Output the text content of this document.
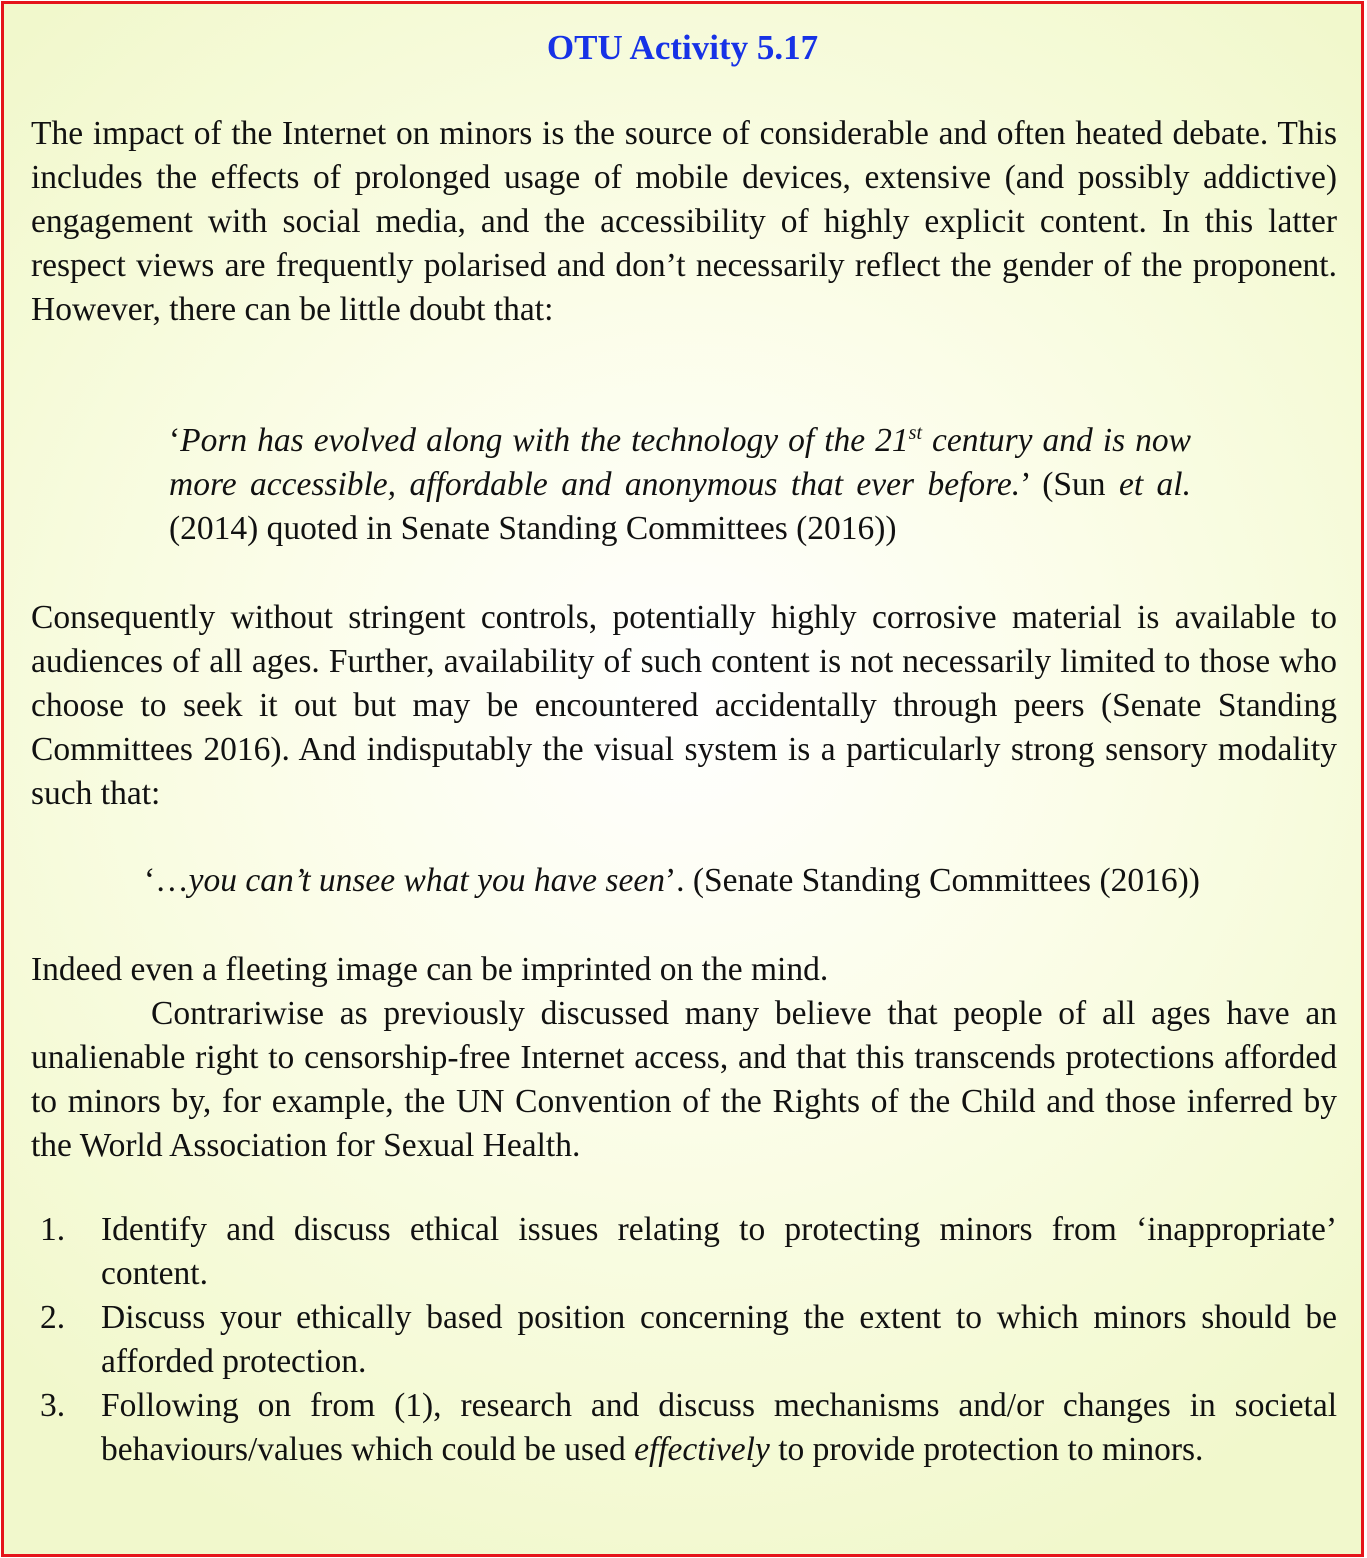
OTU Activity 5.17

The impact of the Internet on minors is the source of considerable and often heated debate. This includes the effects of prolonged usage of mobile devices, extensive (and possibly addictive) engagement with social media, and the accessibility of highly explicit content. In this latter respect views are frequently polarised and don’t necessarily reflect the gender of the proponent. However, there can be little doubt that:

‘Porn has evolved along with the technology of the 21st century and is now more accessible, affordable and anonymous that ever before.’ (Sun et al. (2014) quoted in Senate Standing Committees (2016))

Consequently without stringent controls, potentially highly corrosive material is available to audiences of all ages. Further, availability of such content is not necessarily limited to those who choose to seek it out but may be encountered accidentally through peers (Senate Standing Committees 2016). And indisputably the visual system is a particularly strong sensory modality such that:

‘…you can’t unsee what you have seen’. (Senate Standing Committees (2016))

Indeed even a fleeting image can be imprinted on the mind.

Contrariwise as previously discussed many believe that people of all ages have an unalienable right to censorship-free Internet access, and that this transcends protections afforded to minors by, for example, the UN Convention of the Rights of the Child and those inferred by the World Association for Sexual Health.

1. Identify and discuss ethical issues relating to protecting minors from ‘inappropriate’ content.
2. Discuss your ethically based position concerning the extent to which minors should be afforded protection.
3. Following on from (1), research and discuss mechanisms and/or changes in societal behaviours/values which could be used effectively to provide protection to minors.
